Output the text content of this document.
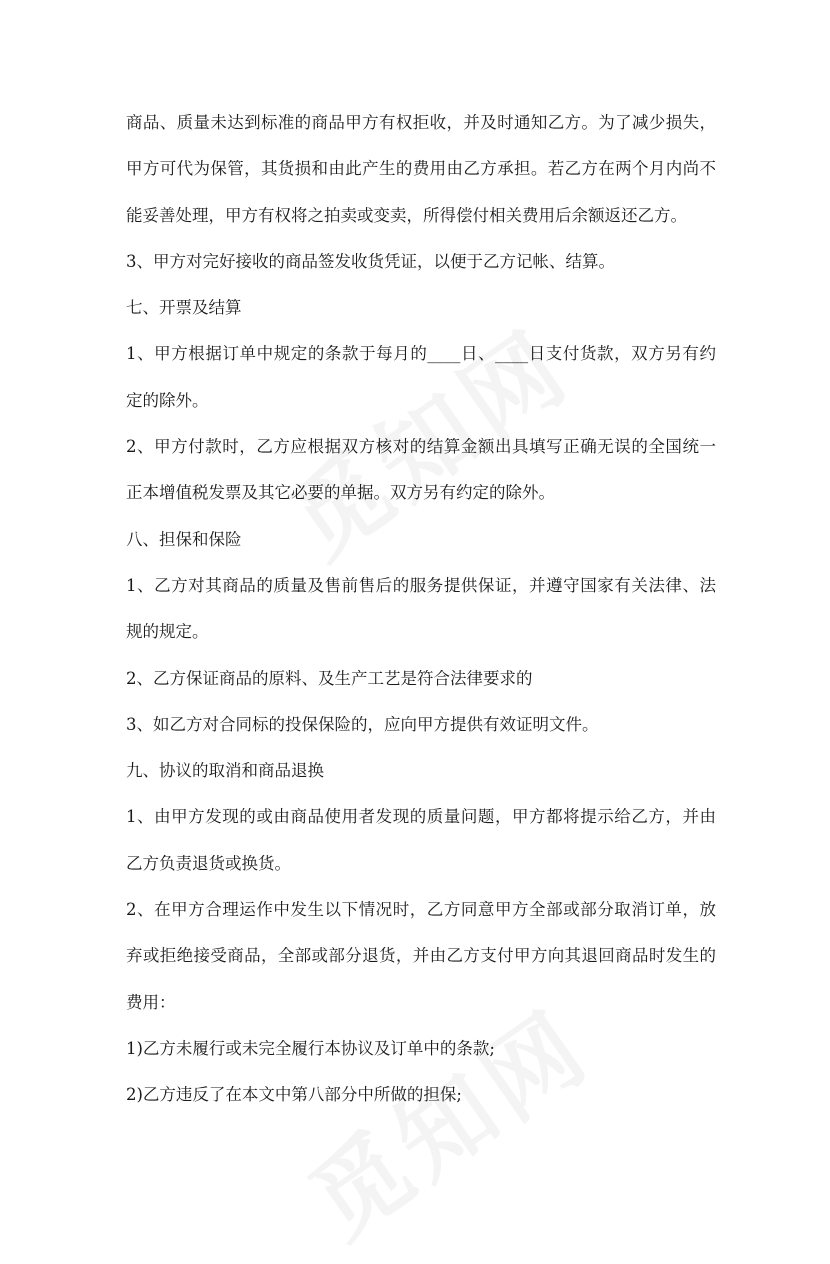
商品、质量未达到标准的商品甲方有权拒收，并及时通知乙方。为了减少损失，
甲方可代为保管，其货损和由此产生的费用由乙方承担。若乙方在两个月内尚不
能妥善处理，甲方有权将之拍卖或变卖，所得偿付相关费用后余额返还乙方。
3、甲方对完好接收的商品签发收货凭证，以便于乙方记帐、结算。
七、开票及结算
1、甲方根据订单中规定的条款于每月的____日、____日支付货款，双方另有约
定的除外。
2、甲方付款时，乙方应根据双方核对的结算金额出具填写正确无误的全国统一
正本增值税发票及其它必要的单据。双方另有约定的除外。
八、担保和保险
1、乙方对其商品的质量及售前售后的服务提供保证，并遵守国家有关法律、法
规的规定。
2、乙方保证商品的原料、及生产工艺是符合法律要求的
3、如乙方对合同标的投保保险的，应向甲方提供有效证明文件。
九、协议的取消和商品退换
1、由甲方发现的或由商品使用者发现的质量问题，甲方都将提示给乙方，并由
乙方负责退货或换货。
2、在甲方合理运作中发生以下情况时，乙方同意甲方全部或部分取消订单，放
弃或拒绝接受商品，全部或部分退货，并由乙方支付甲方向其退回商品时发生的
费用：
1)乙方未履行或未完全履行本协议及订单中的条款;
2)乙方违反了在本文中第八部分中所做的担保;
